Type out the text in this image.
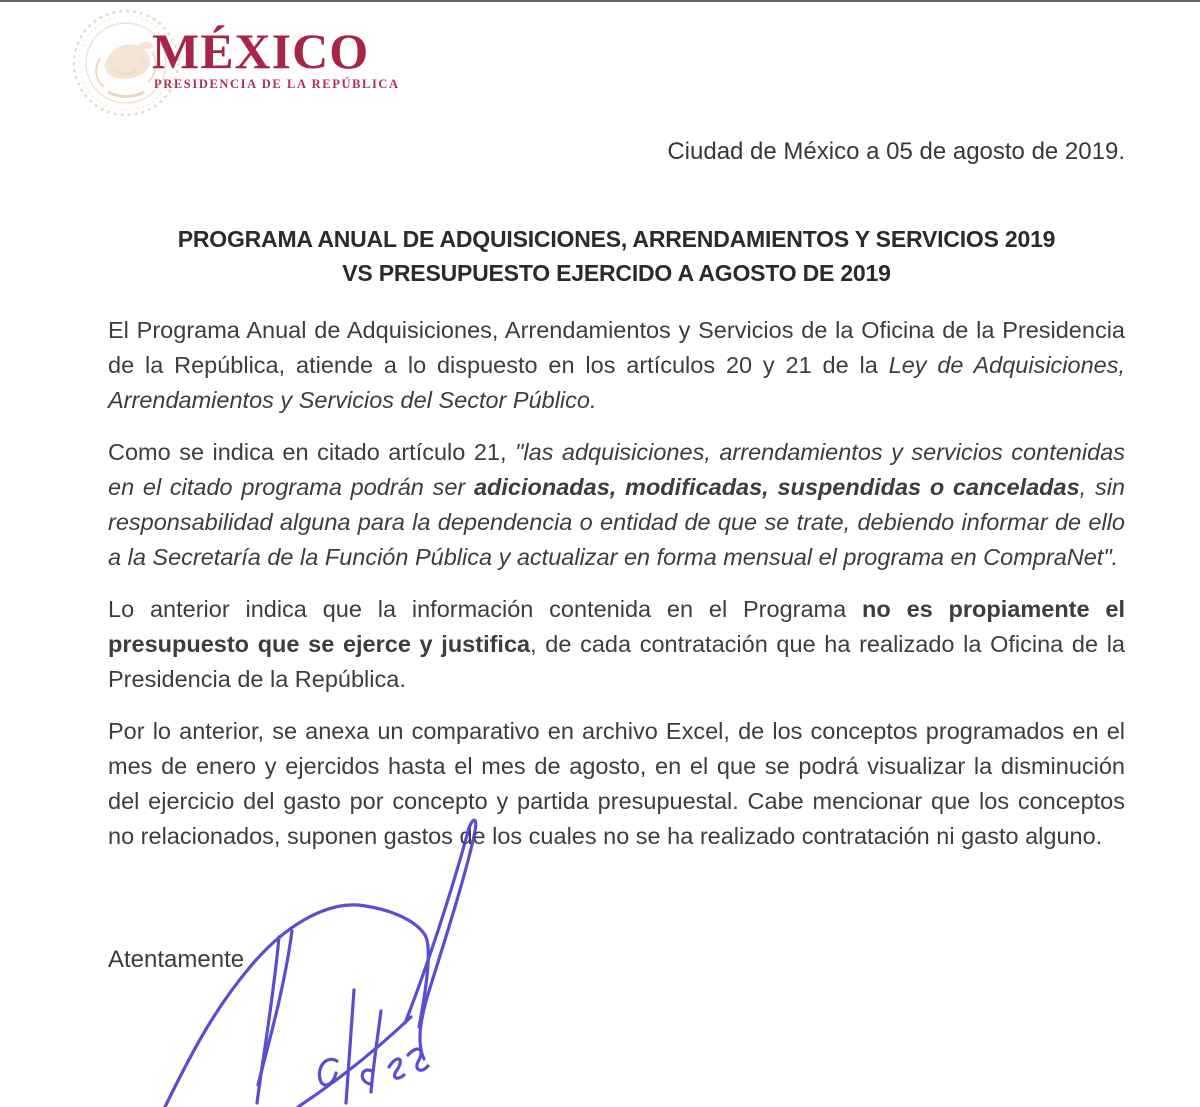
MÉXICO
PRESIDENCIA DE LA REPÚBLICA
Ciudad de México a 05 de agosto de 2019.
PROGRAMA ANUAL DE ADQUISICIONES, ARRENDAMIENTOS Y SERVICIOS 2019
VS PRESUPUESTO EJERCIDO A AGOSTO DE 2019

El Programa Anual de Adquisiciones, Arrendamientos y Servicios de la Oficina de la Presidencia de la República, atiende a lo dispuesto en los artículos 20 y 21 de la Ley de Adquisiciones, Arrendamientos y Servicios del Sector Público.

Como se indica en citado artículo 21, "las adquisiciones, arrendamientos y servicios contenidas en el citado programa podrán ser adicionadas, modificadas, suspendidas o canceladas, sin responsabilidad alguna para la dependencia o entidad de que se trate, debiendo informar de ello a la Secretaría de la Función Pública y actualizar en forma mensual el programa en CompraNet".

Lo anterior indica que la información contenida en el Programa no es propiamente el presupuesto que se ejerce y justifica, de cada contratación que ha realizado la Oficina de la Presidencia de la República.

Por lo anterior, se anexa un comparativo en archivo Excel, de los conceptos programados en el mes de enero y ejercidos hasta el mes de agosto, en el que se podrá visualizar la disminución del ejercicio del gasto por concepto y partida presupuestal. Cabe mencionar que los conceptos no relacionados, suponen gastos de los cuales no se ha realizado contratación ni gasto alguno.

Atentamente
